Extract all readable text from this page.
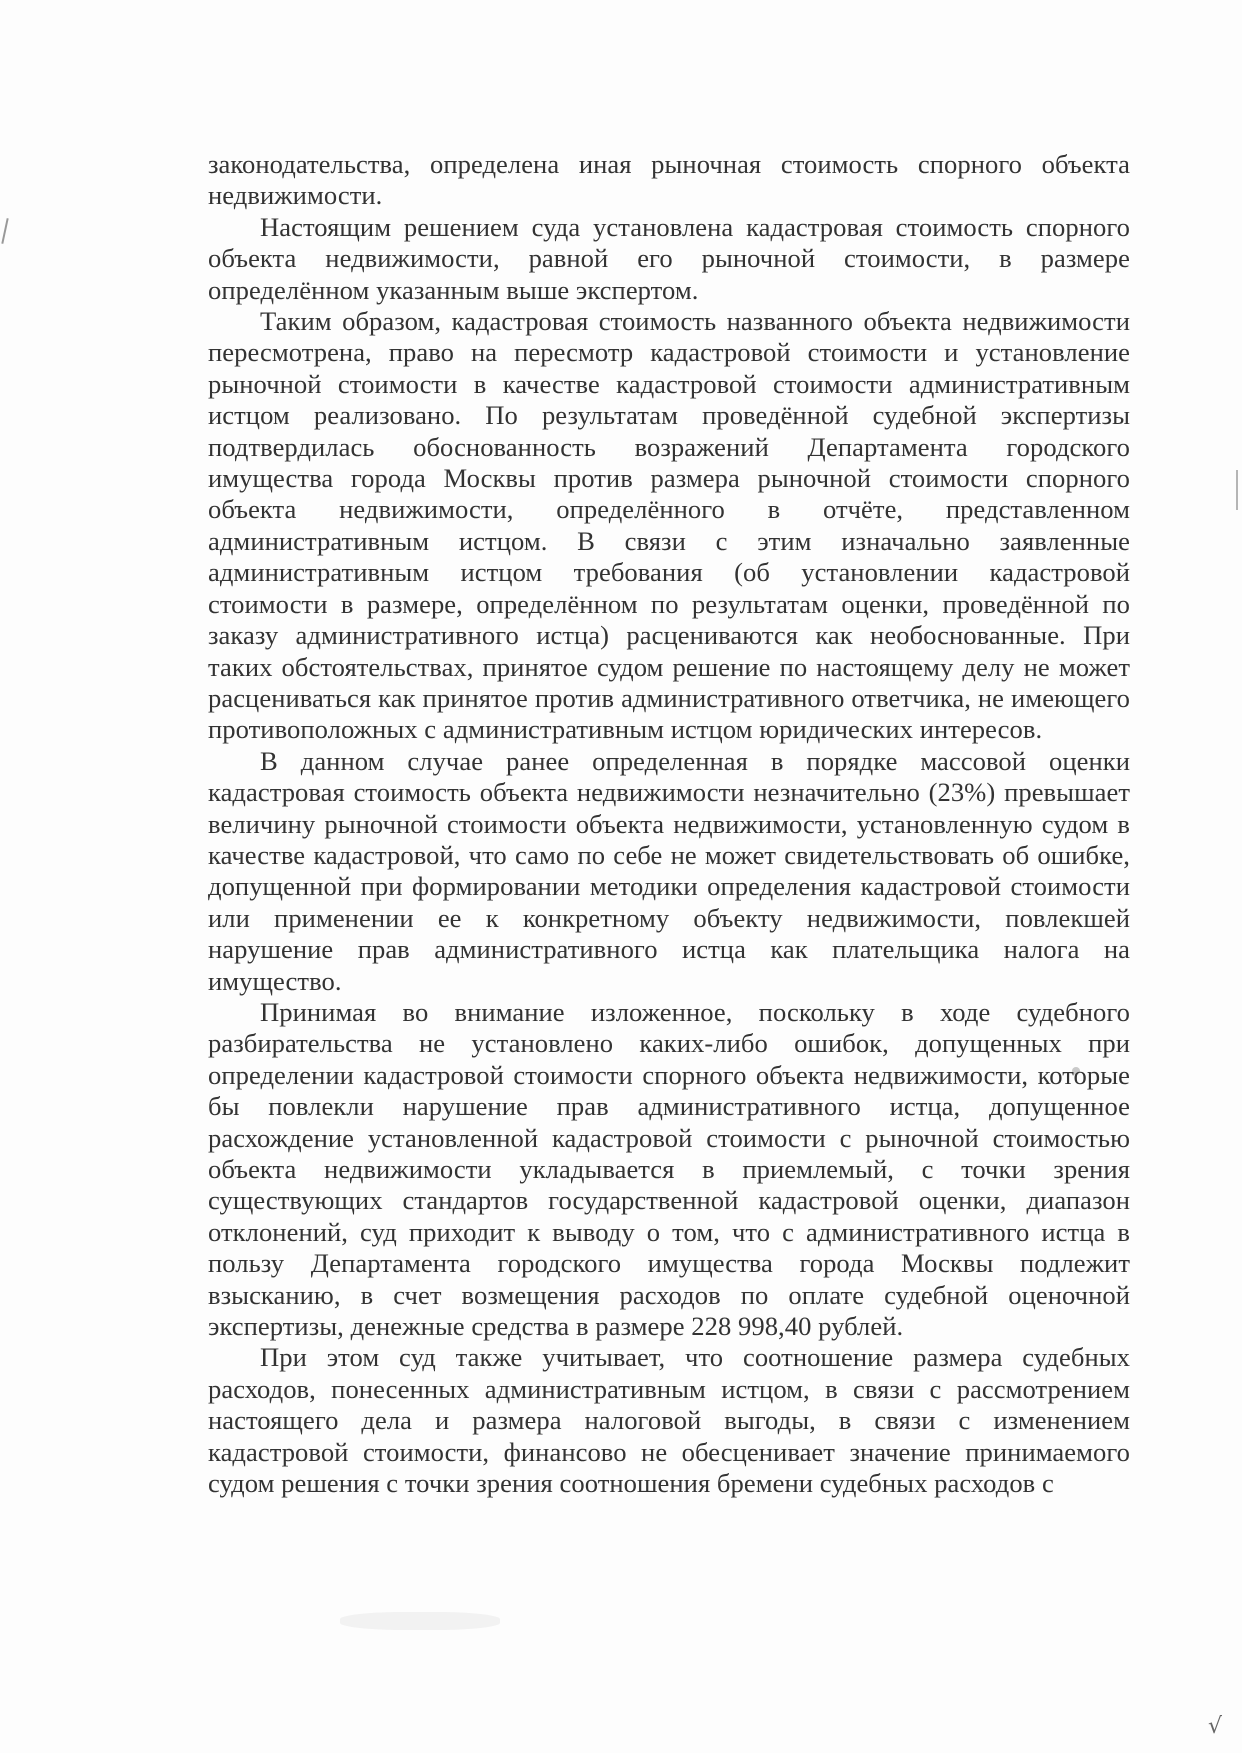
законодательства, определена иная рыночная стоимость спорного объекта недвижимости.

Настоящим решением суда установлена кадастровая стоимость спорного объекта недвижимости, равной его рыночной стоимости, в размере определённом указанным выше экспертом.

Таким образом, кадастровая стоимость названного объекта недвижимости пересмотрена, право на пересмотр кадастровой стоимости и установление рыночной стоимости в качестве кадастровой стоимости административным истцом реализовано. По результатам проведённой судебной экспертизы подтвердилась обоснованность возражений Департамента городского имущества города Москвы против размера рыночной стоимости спорного объекта недвижимости, определённого в отчёте, представленном административным истцом. В связи с этим изначально заявленные административным истцом требования (об установлении кадастровой стоимости в размере, определённом по результатам оценки, проведённой по заказу административного истца) расцениваются как необоснованные. При таких обстоятельствах, принятое судом решение по настоящему делу не может расцениваться как принятое против административного ответчика, не имеющего противоположных с административным истцом юридических интересов.

В данном случае ранее определенная в порядке массовой оценки кадастровая стоимость объекта недвижимости незначительно (23%) превышает величину рыночной стоимости объекта недвижимости, установленную судом в качестве кадастровой, что само по себе не может свидетельствовать об ошибке, допущенной при формировании методики определения кадастровой стоимости или применении ее к конкретному объекту недвижимости, повлекшей нарушение прав административного истца как плательщика налога на имущество.

Принимая во внимание изложенное, поскольку в ходе судебного разбирательства не установлено каких-либо ошибок, допущенных при определении кадастровой стоимости спорного объекта недвижимости, которые бы повлекли нарушение прав административного истца, допущенное расхождение установленной кадастровой стоимости с рыночной стоимостью объекта недвижимости укладывается в приемлемый, с точки зрения существующих стандартов государственной кадастровой оценки, диапазон отклонений, суд приходит к выводу о том, что с административного истца в пользу Департамента городского имущества города Москвы подлежит взысканию, в счет возмещения расходов по оплате судебной оценочной экспертизы, денежные средства в размере 228 998,40 рублей.

При этом суд также учитывает, что соотношение размера судебных расходов, понесенных административным истцом, в связи с рассмотрением настоящего дела и размера налоговой выгоды, в связи с изменением кадастровой стоимости, финансово не обесценивает значение принимаемого судом решения с точки зрения соотношения бремени судебных расходов с

√
